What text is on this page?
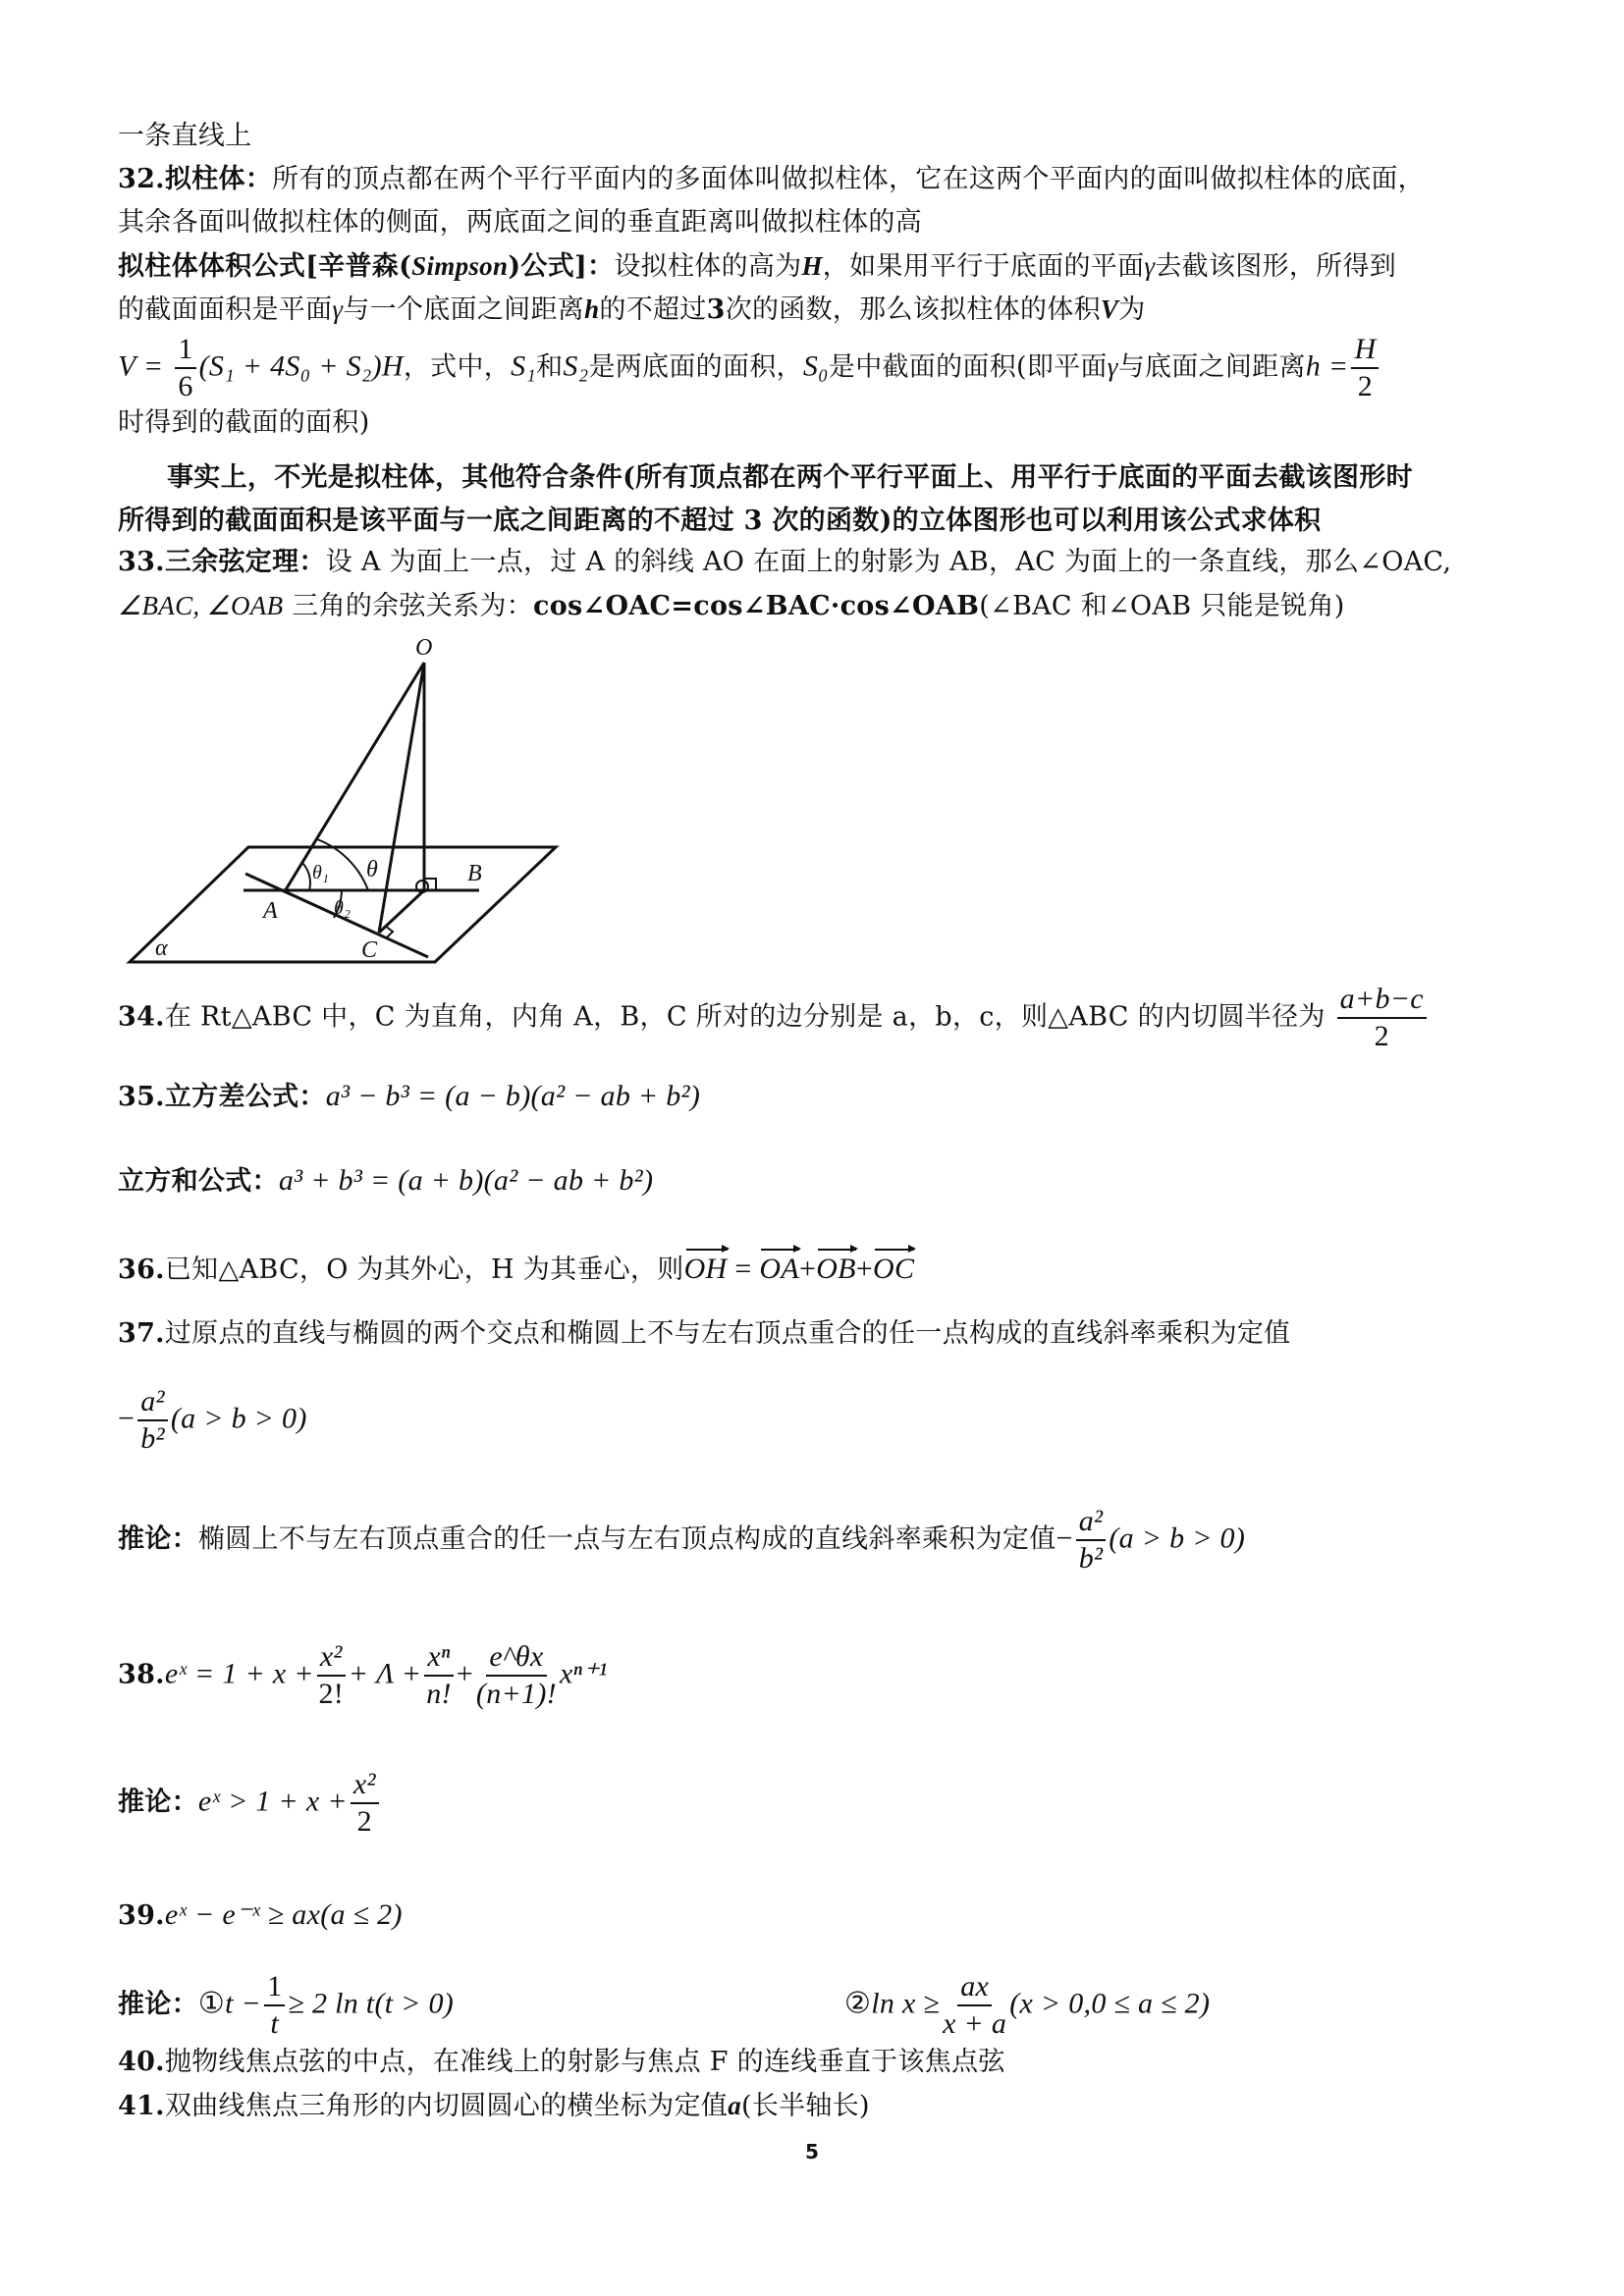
一条直线上
32.拟柱体：所有的顶点都在两个平行平面内的多面体叫做拟柱体，它在这两个平面内的面叫做拟柱体的底面，
其余各面叫做拟柱体的侧面，两底面之间的垂直距离叫做拟柱体的高
拟柱体体积公式[辛普森(Simpson)公式]：设拟柱体的高为H，如果用平行于底面的平面γ去截该图形，所得到
的截面面积是平面γ与一个底面之间距离h的不超过3次的函数，那么该拟柱体的体积V为
$V = \frac{1}{6} (S_1 + 4S_0 + S_2)H$，式中，S₁和S₂是两底面的面积，S₀是中截面的面积(即平面γ与底面之间距离$h = \frac{H}{2}$
时得到的截面的面积)
事实上，不光是拟柱体，其他符合条件(所有顶点都在两个平行平面上、用平行于底面的平面去截该图形时
所得到的截面面积是该平面与一底之间距离的不超过 3 次的函数)的立体图形也可以利用该公式求体积
33.三余弦定理：设 A 为面上一点，过 A 的斜线 AO 在面上的射影为 AB，AC 为面上的一条直线，那么∠OAC,
∠BAC, ∠OAB 三角的余弦关系为：cos∠OAC=cos∠BAC·cos∠OAB(∠BAC 和∠OAB 只能是锐角)
O
B
A
C
α
θ
θ₁
θ₂
34.在 Rt△ABC 中，C 为直角，内角 A，B，C 所对的边分别是 a，b，c，则△ABC 的内切圆半径为 $\frac{a+b-c}{2}$
35.立方差公式：a³ − b³ = (a − b)(a² − ab + b²)
立方和公式：a³ + b³ = (a + b)(a² − ab + b²)
36.已知△ABC，O 为其外心，H 为其垂心，则OH = OA+OB+OC
37.过原点的直线与椭圆的两个交点和椭圆上不与左右顶点重合的任一点构成的直线斜率乘积为定值
− $\frac{\text{a²}}{\text{b²}} (a > b > 0)$
推论：椭圆上不与左右顶点重合的任一点与左右顶点构成的直线斜率乘积为定值− $\frac{\text{a²}}{\text{b²}} (a > b > 0)$
38.eˣ = $1 + x + \frac{\text{x²}}{2!} + \Lambda + \frac{\text{xⁿ}}{n!} + \frac{e\^{}\theta x}{(n+1)!} x^{n+1}$
推论：eˣ > $1 + x + \frac{\text{x²}}{2}$
39.eˣ − e⁻ˣ ≥ ax(a ≤ 2)
推论：①t − $\frac{1}{t} \ge 2$ ln t(t > 0)	②ln $x \ge \frac{ax}{x + a} (x > 0,0 \le a \le 2)$
40.抛物线焦点弦的中点，在准线上的射影与焦点 F 的连线垂直于该焦点弦
41.双曲线焦点三角形的内切圆圆心的横坐标为定值a(长半轴长)
5
